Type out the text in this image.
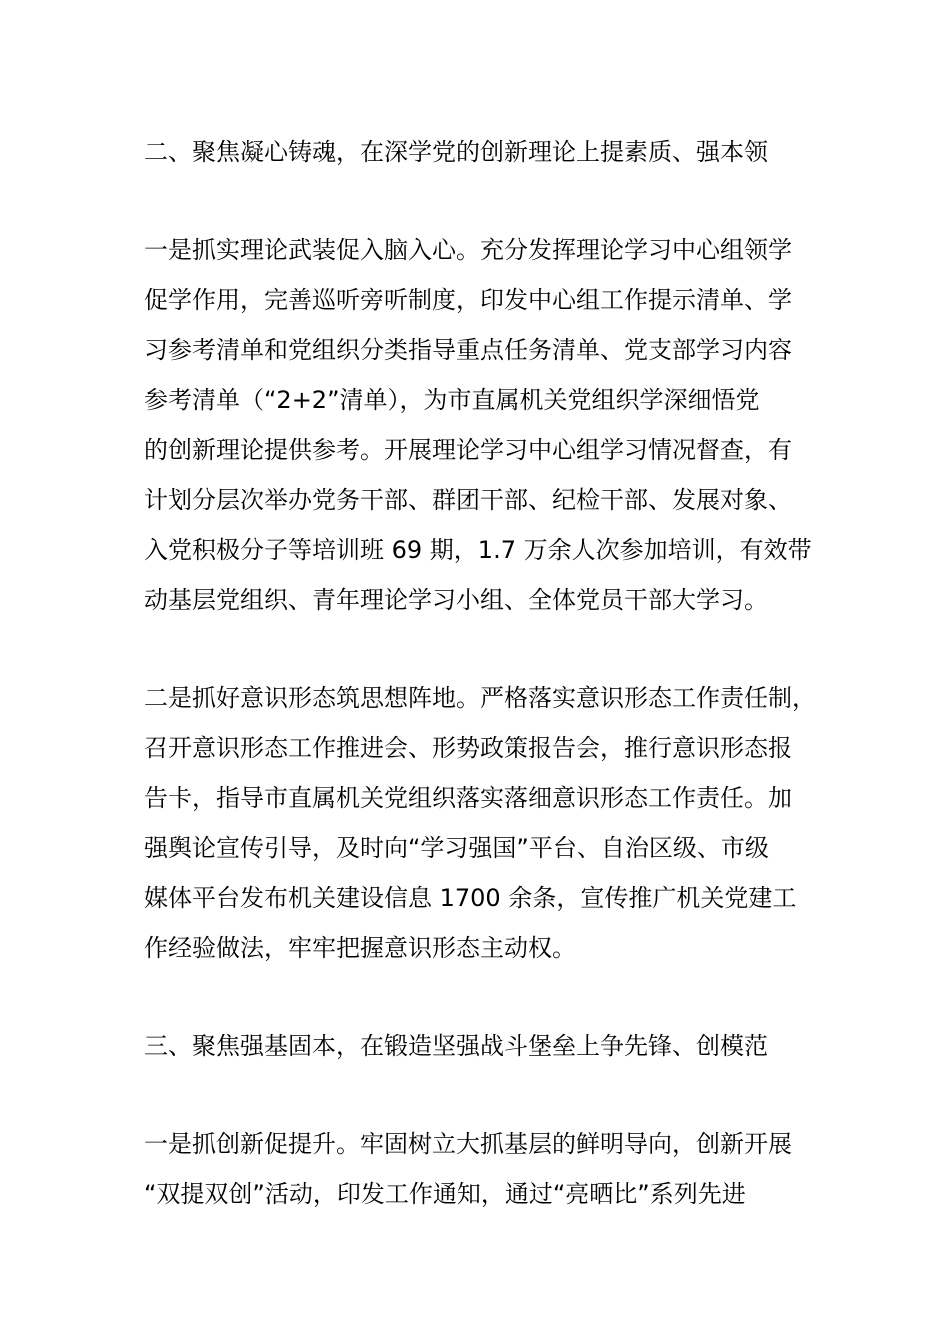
二、聚焦凝心铸魂，在深学党的创新理论上提素质、强本领
一是抓实理论武装促入脑入心。充分发挥理论学习中心组领学
促学作用，完善巡听旁听制度，印发中心组工作提示清单、学
习参考清单和党组织分类指导重点任务清单、党支部学习内容
参考清单（“2+2”清单），为市直属机关党组织学深细悟党
的创新理论提供参考。开展理论学习中心组学习情况督查，有
计划分层次举办党务干部、群团干部、纪检干部、发展对象、
入党积极分子等培训班 69 期，1.7 万余人次参加培训，有效带
动基层党组织、青年理论学习小组、全体党员干部大学习。
二是抓好意识形态筑思想阵地。严格落实意识形态工作责任制，
召开意识形态工作推进会、形势政策报告会，推行意识形态报
告卡，指导市直属机关党组织落实落细意识形态工作责任。加
强舆论宣传引导，及时向“学习强国”平台、自治区级、市级
媒体平台发布机关建设信息 1700 余条，宣传推广机关党建工
作经验做法，牢牢把握意识形态主动权。
三、聚焦强基固本，在锻造坚强战斗堡垒上争先锋、创模范
一是抓创新促提升。牢固树立大抓基层的鲜明导向，创新开展
“双提双创”活动，印发工作通知，通过“亮晒比”系列先进
